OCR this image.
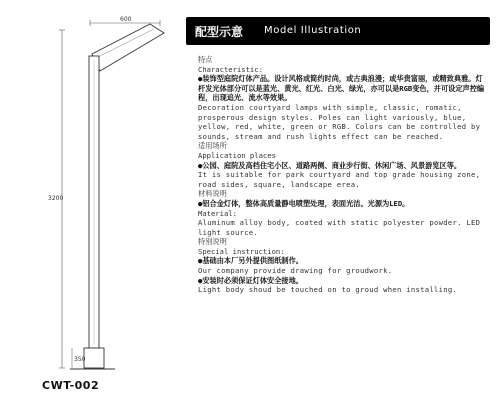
600
3200
350
CWT-002
配型示意 Model Illustration

特点

Characteristic:

●装饰型庭院灯体产品。设计风格或简约时尚，或古典浪漫；或华贵富丽，或精致典雅。灯杆发光体部分可以是蓝光、黄光、红光、白光、绿光，亦可以是RGB变色，并可设定声控编程，出现追光、流水等效果。

Decoration courtyard lamps with simple, classic, romatic, prosperous design styles. Poles can light variously, blue, yellow, red, white, green or RGB. Colors can be controlled by sounds, stream and rush lights effect can be reached.

适用场所

Application places

●公园、庭院及高档住宅小区、道路两侧、商业步行街、休闲广场、风景游览区等。

It is suitable for park courtyard and top grade housing zone, road sides, square, landscape erea.

材料说明

●铝合金灯体，整体高质量静电喷塑处理，表面光洁。光源为LED。

Material:

Aluminum alloy body, coated with static polyester powder. LED light source.

特别说明

Special instruction:

●基础由本厂另外提供图纸制作。

Our company provide drawing for groudwork.

●安装时必须保证灯体安全接地。

Light body shoud be touched on to groud when installing.
